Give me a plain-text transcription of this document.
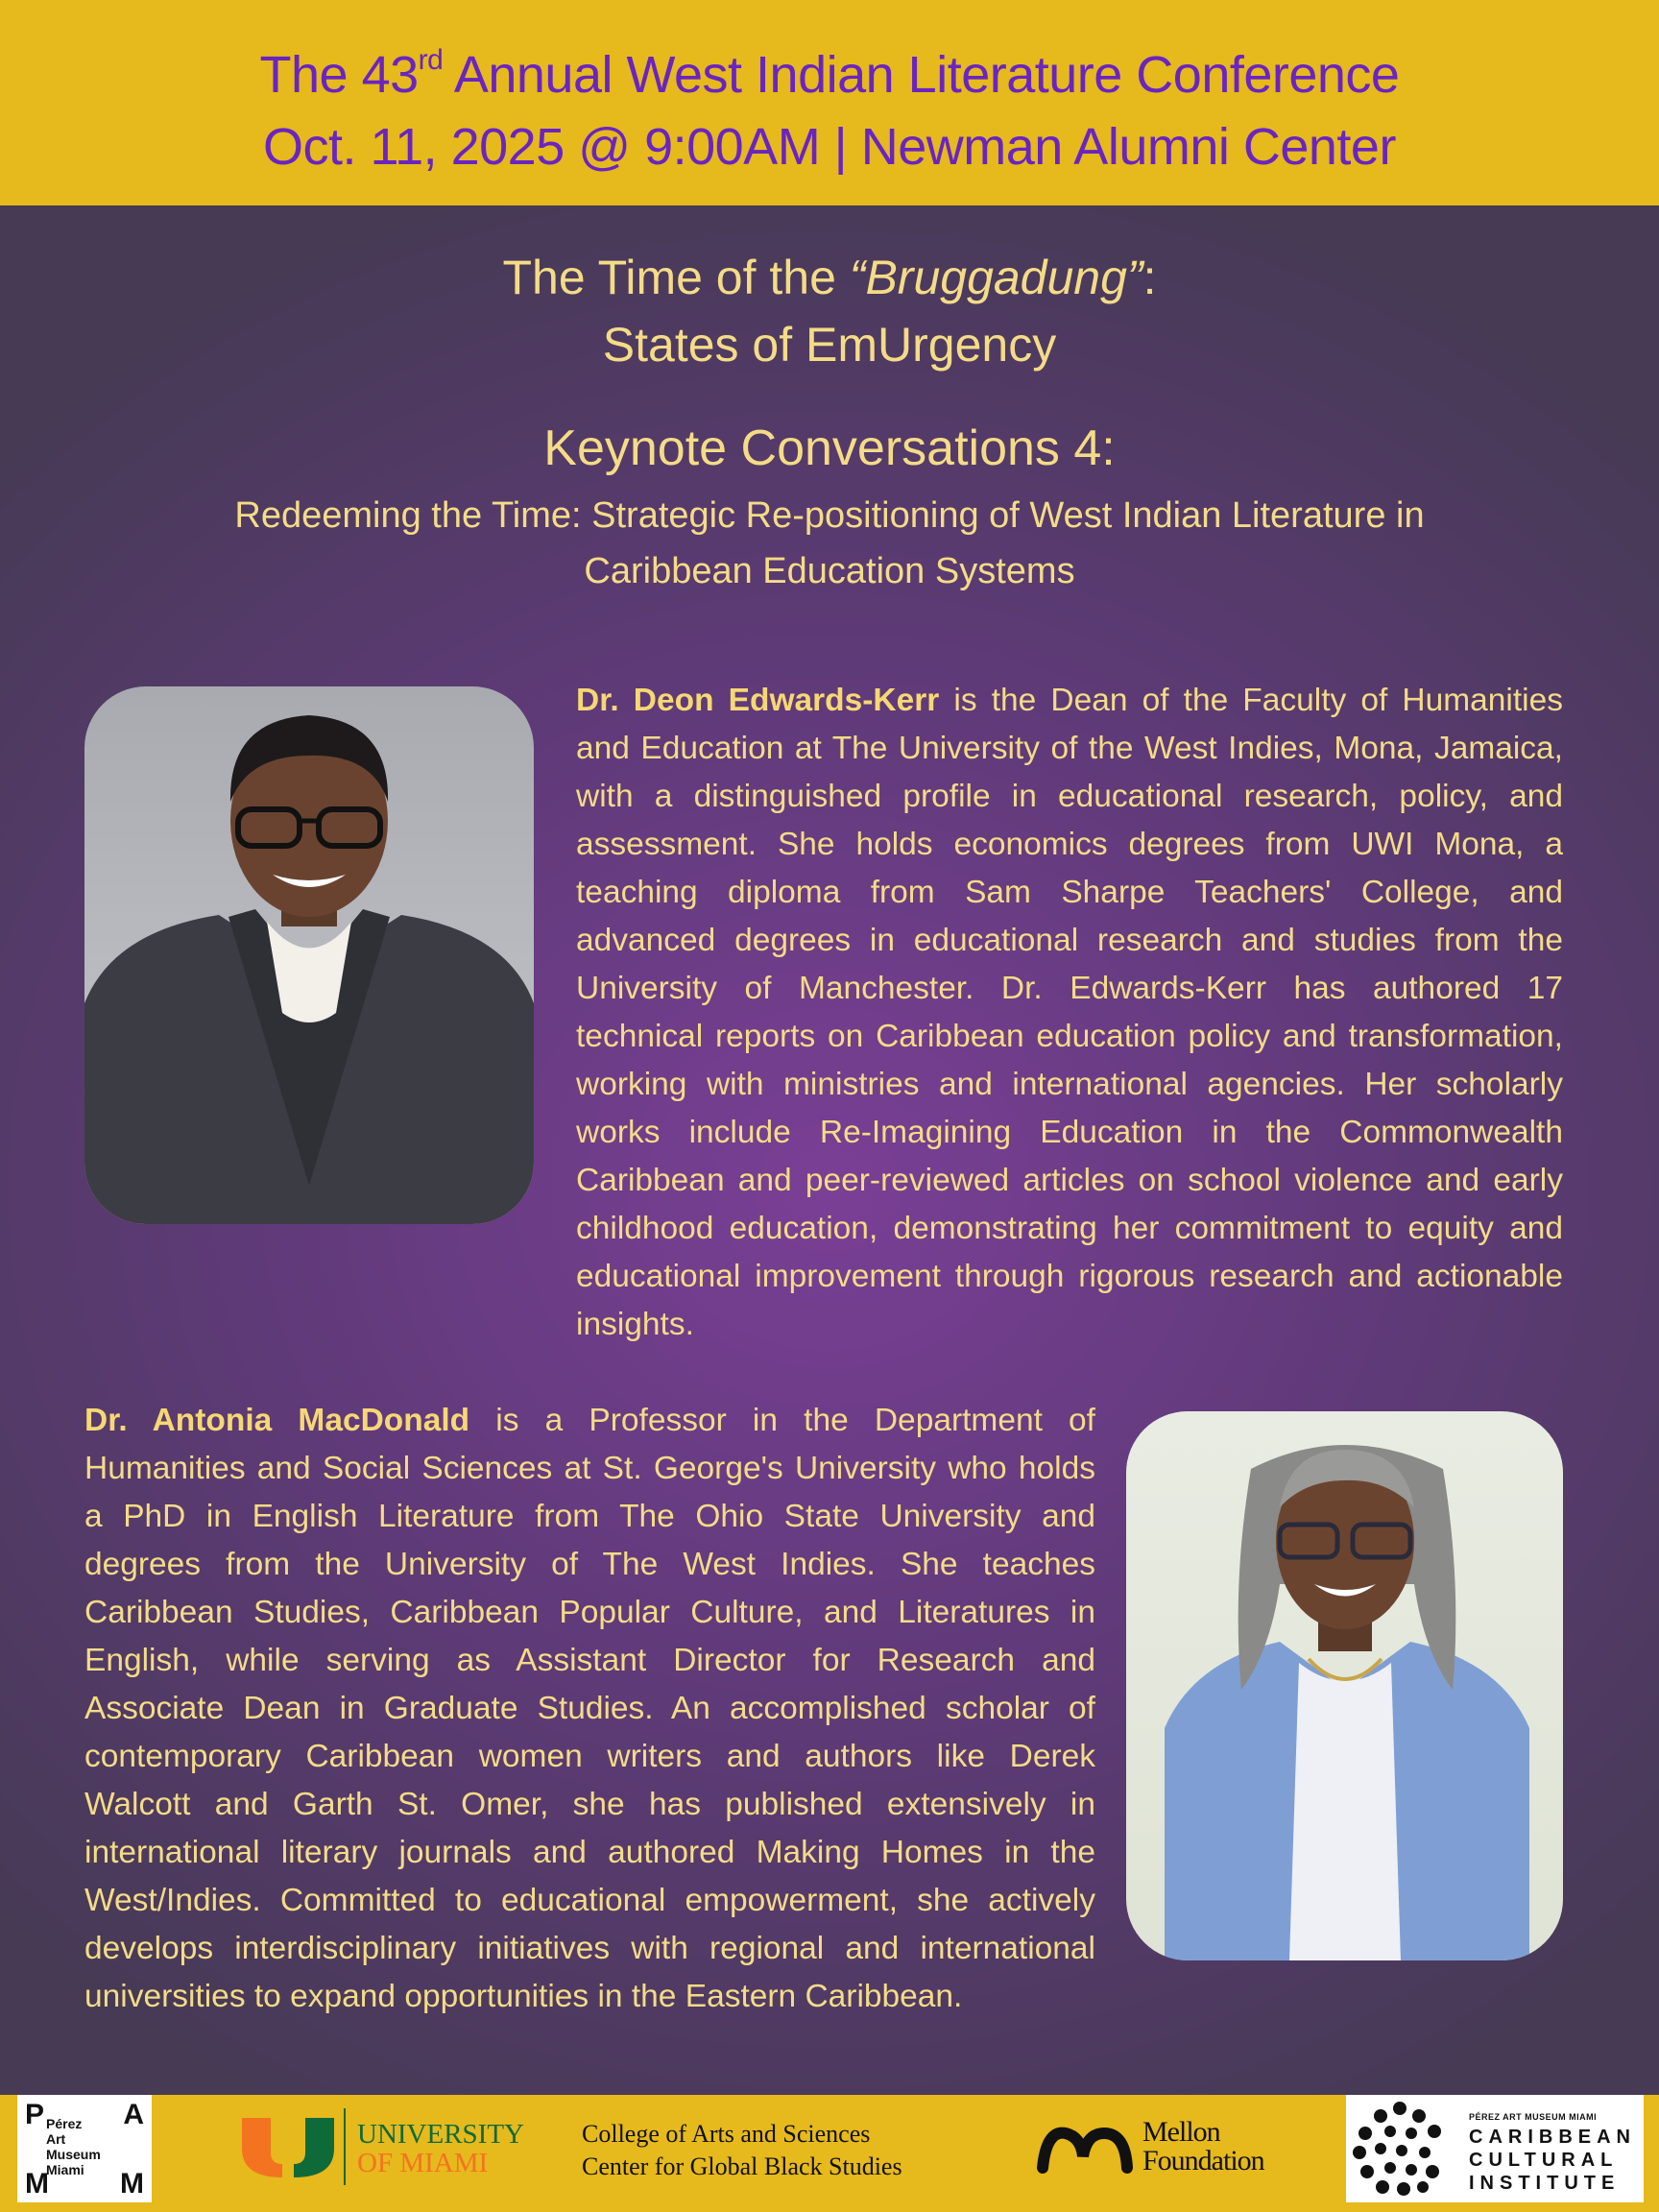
The 43rd Annual West Indian Literature Conference
Oct. 11, 2025 @ 9:00AM | Newman Alumni Center
The Time of the “Bruggadung”:
States of EmUrgency
Keynote Conversations 4:
Redeeming the Time: Strategic Re-positioning of West Indian Literature in
Caribbean Education Systems
Dr. Deon Edwards-Kerr is the Dean of the Faculty of Humanities and Education at The University of the West Indies, Mona, Jamaica, with a distinguished profile in educational research, policy, and assessment. She holds economics degrees from UWI Mona, a teaching diploma from Sam Sharpe Teachers' College, and advanced degrees in educational research and studies from the University of Manchester. Dr. Edwards-Kerr has authored 17 technical reports on Caribbean education policy and transformation, working with ministries and international agencies. Her scholarly works include Re-Imagining Education in the Commonwealth Caribbean and peer-reviewed articles on school violence and early childhood education, demonstrating her commitment to equity and educational improvement through rigorous research and actionable insights.
Dr. Antonia MacDonald is a Professor in the Department of Humanities and Social Sciences at St. George's University who holds a PhD in English Literature from The Ohio State University and degrees from the University of The West Indies. She teaches Caribbean Studies, Caribbean Popular Culture, and Literatures in English, while serving as Assistant Director for Research and Associate Dean in Graduate Studies. An accomplished scholar of contemporary Caribbean women writers and authors like Derek Walcott and Garth St. Omer, she has published extensively in international literary journals and authored Making Homes in the West/Indies. Committed to educational empowerment, she actively develops interdisciplinary initiatives with regional and international universities to expand opportunities in the Eastern Caribbean.
P	A
M M
Pérez
Art
Museum
Miami
UNIVERSITY
OF MIAMI
College of Arts and Sciences
Center for Global Black Studies
Mellon
Foundation
PÉREZ ART MUSEUM MIAMI
CARIBBEAN
CULTURAL
INSTITUTE
